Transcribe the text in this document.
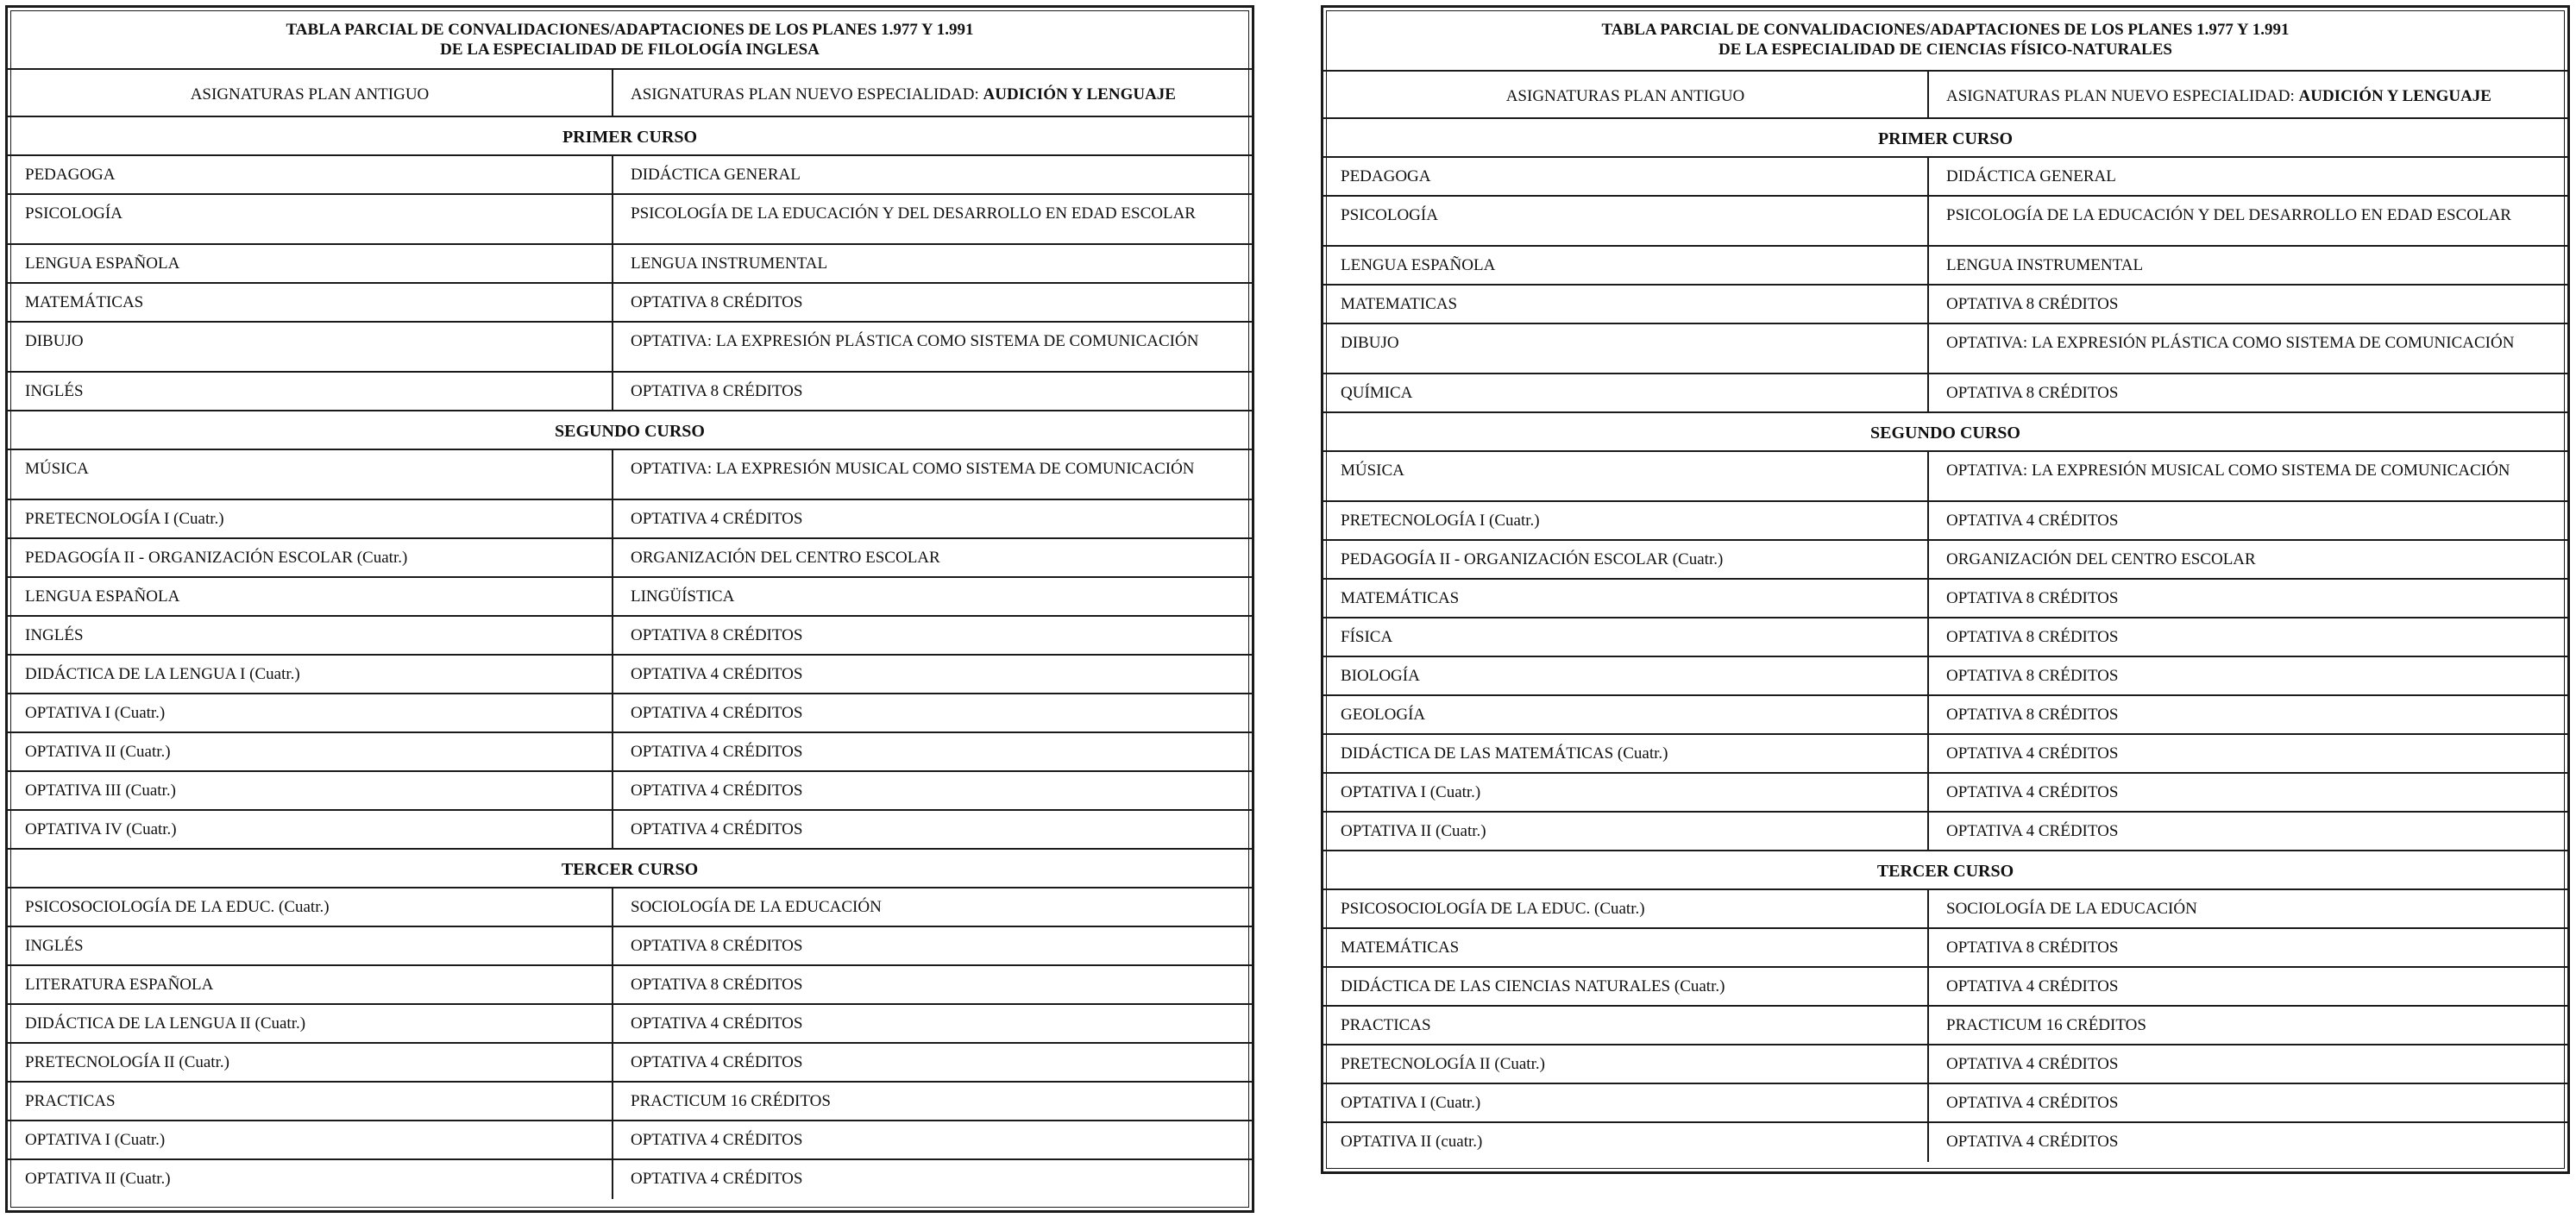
TABLA PARCIAL DE CONVALIDACIONES/ADAPTACIONES DE LOS PLANES 1.977 Y 1.991
DE LA ESPECIALIDAD DE FILOLOGÍA INGLESA
ASIGNATURAS PLAN ANTIGUO	ASIGNATURAS PLAN NUEVO ESPECIALIDAD: AUDICIÓN Y LENGUAJE
PRIMER CURSO
PEDAGOGA	DIDÁCTICA GENERAL
PSICOLOGÍA	PSICOLOGÍA DE LA EDUCACIÓN Y DEL DESARROLLO EN EDAD ESCOLAR
LENGUA ESPAÑOLA	LENGUA INSTRUMENTAL
MATEMÁTICAS	OPTATIVA 8 CRÉDITOS
DIBUJO	OPTATIVA: LA EXPRESIÓN PLÁSTICA COMO SISTEMA DE COMUNICACIÓN
INGLÉS	OPTATIVA 8 CRÉDITOS
SEGUNDO CURSO
MÚSICA	OPTATIVA: LA EXPRESIÓN MUSICAL COMO SISTEMA DE COMUNICACIÓN
PRETECNOLOGÍA I (Cuatr.)	OPTATIVA 4 CRÉDITOS
PEDAGOGÍA II - ORGANIZACIÓN ESCOLAR (Cuatr.)	ORGANIZACIÓN DEL CENTRO ESCOLAR
LENGUA ESPAÑOLA	LINGÜÍSTICA
INGLÉS	OPTATIVA 8 CRÉDITOS
DIDÁCTICA DE LA LENGUA I (Cuatr.)	OPTATIVA 4 CRÉDITOS
OPTATIVA I (Cuatr.)	OPTATIVA 4 CRÉDITOS
OPTATIVA II (Cuatr.)	OPTATIVA 4 CRÉDITOS
OPTATIVA III (Cuatr.)	OPTATIVA 4 CRÉDITOS
OPTATIVA IV (Cuatr.)	OPTATIVA 4 CRÉDITOS
TERCER CURSO
PSICOSOCIOLOGÍA DE LA EDUC. (Cuatr.)	SOCIOLOGÍA DE LA EDUCACIÓN
INGLÉS	OPTATIVA 8 CRÉDITOS
LITERATURA ESPAÑOLA	OPTATIVA 8 CRÉDITOS
DIDÁCTICA DE LA LENGUA II (Cuatr.)	OPTATIVA 4 CRÉDITOS
PRETECNOLOGÍA II (Cuatr.)	OPTATIVA 4 CRÉDITOS
PRACTICAS	PRACTICUM 16 CRÉDITOS
OPTATIVA I (Cuatr.)	OPTATIVA 4 CRÉDITOS
OPTATIVA II (Cuatr.)	OPTATIVA 4 CRÉDITOS
TABLA PARCIAL DE CONVALIDACIONES/ADAPTACIONES DE LOS PLANES 1.977 Y 1.991
DE LA ESPECIALIDAD DE CIENCIAS FÍSICO-NATURALES
ASIGNATURAS PLAN ANTIGUO	ASIGNATURAS PLAN NUEVO ESPECIALIDAD: AUDICIÓN Y LENGUAJE
PRIMER CURSO
PEDAGOGA	DIDÁCTICA GENERAL
PSICOLOGÍA	PSICOLOGÍA DE LA EDUCACIÓN Y DEL DESARROLLO EN EDAD ESCOLAR
LENGUA ESPAÑOLA	LENGUA INSTRUMENTAL
MATEMATICAS	OPTATIVA 8 CRÉDITOS
DIBUJO	OPTATIVA: LA EXPRESIÓN PLÁSTICA COMO SISTEMA DE COMUNICACIÓN
QUÍMICA	OPTATIVA 8 CRÉDITOS
SEGUNDO CURSO
MÚSICA	OPTATIVA: LA EXPRESIÓN MUSICAL COMO SISTEMA DE COMUNICACIÓN
PRETECNOLOGÍA I (Cuatr.)	OPTATIVA 4 CRÉDITOS
PEDAGOGÍA II - ORGANIZACIÓN ESCOLAR (Cuatr.)	ORGANIZACIÓN DEL CENTRO ESCOLAR
MATEMÁTICAS	OPTATIVA 8 CRÉDITOS
FÍSICA	OPTATIVA 8 CRÉDITOS
BIOLOGÍA	OPTATIVA 8 CRÉDITOS
GEOLOGÍA	OPTATIVA 8 CRÉDITOS
DIDÁCTICA DE LAS MATEMÁTICAS (Cuatr.)	OPTATIVA 4 CRÉDITOS
OPTATIVA I (Cuatr.)	OPTATIVA 4 CRÉDITOS
OPTATIVA II (Cuatr.)	OPTATIVA 4 CRÉDITOS
TERCER CURSO
PSICOSOCIOLOGÍA DE LA EDUC. (Cuatr.)	SOCIOLOGÍA DE LA EDUCACIÓN
MATEMÁTICAS	OPTATIVA 8 CRÉDITOS
DIDÁCTICA DE LAS CIENCIAS NATURALES (Cuatr.)	OPTATIVA 4 CRÉDITOS
PRACTICAS	PRACTICUM 16 CRÉDITOS
PRETECNOLOGÍA II (Cuatr.)	OPTATIVA 4 CRÉDITOS
OPTATIVA I (Cuatr.)	OPTATIVA 4 CRÉDITOS
OPTATIVA II (cuatr.)	OPTATIVA 4 CRÉDITOS
